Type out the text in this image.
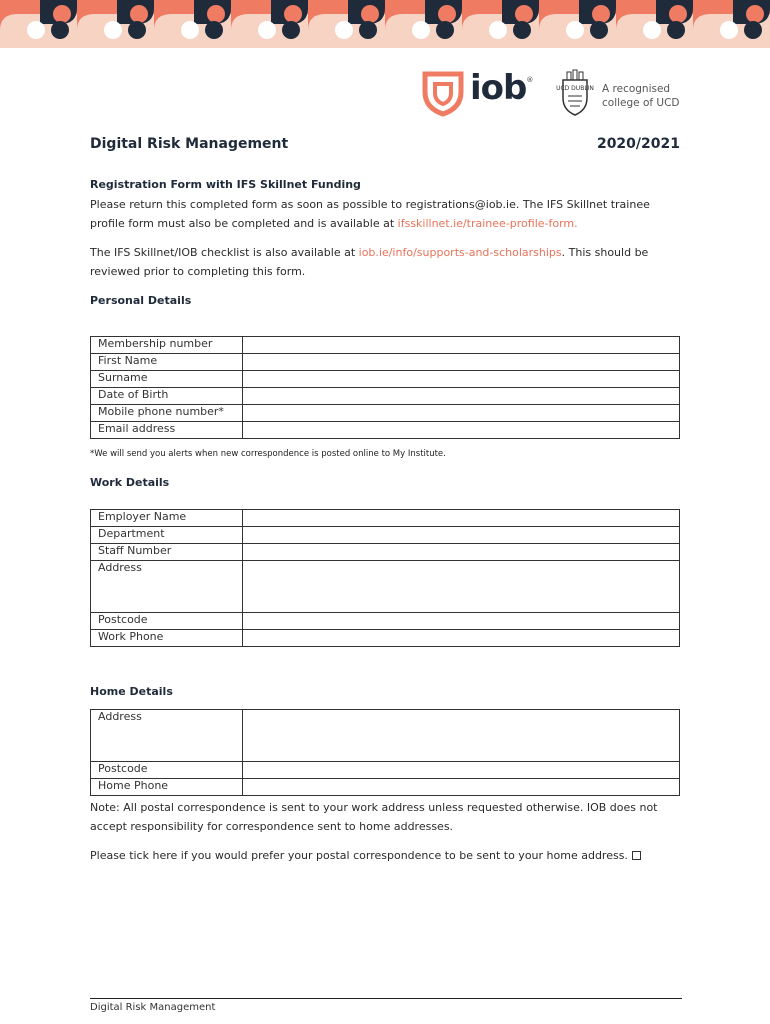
iob®
UCD DUBLIN A recognised
college of UCD
Digital Risk Management	2020/2021
Registration Form with IFS Skillnet Funding
Please return this completed form as soon as possible to registrations@iob.ie. The IFS Skillnet trainee profile form must also be completed and is available at ifsskillnet.ie/trainee-profile-form.
The IFS Skillnet/IOB checklist is also available at iob.ie/info/supports-and-scholarships. This should be reviewed prior to completing this form.
Personal Details
Membership number	
First Name	
Surname	
Date of Birth	
Mobile phone number*	
Email address	
*We will send you alerts when new correspondence is posted online to My Institute.
Work Details
Employer Name	
Department	
Staff Number	
Address	
Postcode	
Work Phone	
Home Details
Address	
Postcode	
Home Phone	
Note: All postal correspondence is sent to your work address unless requested otherwise. IOB does not accept responsibility for correspondence sent to home addresses.
Please tick here if you would prefer your postal correspondence to be sent to your home address.
Digital Risk Management
